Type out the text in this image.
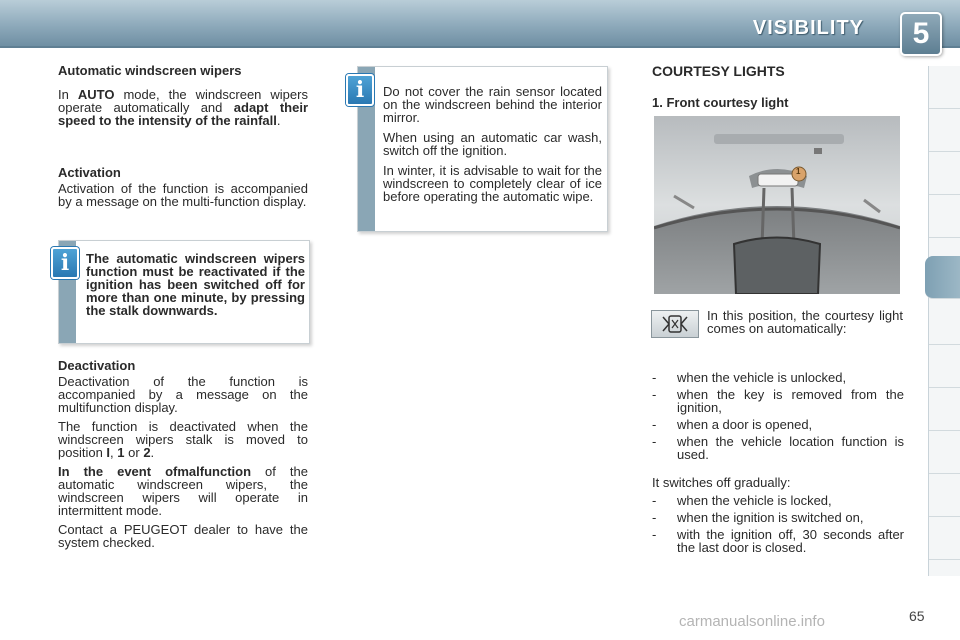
VISIBILITY	5
Automatic windscreen wipers

In AUTO mode, the windscreen wipers operate automatically and adapt their speed to the intensity of the rainfall.

Activation

Activation of the function is accompanied by a message on the multi-function display.

The automatic windscreen wipers function must be reactivated if the ignition has been switched off for more than one minute, by pressing the stalk downwards.
i

Deactivation

Deactivation of the function is accompanied by a message on the multifunction display.

The function is deactivated when the windscreen wipers stalk is moved to position I, 1 or 2.

In the event ofmalfunction of the automatic windscreen wipers, the windscreen wipers will operate in intermittent mode.

Contact a PEUGEOT dealer to have the system checked.

Do not cover the rain sensor located on the windscreen behind the interior mirror.

When using an automatic car wash, switch off the ignition.

In winter, it is advisable to wait for the windscreen to completely clear of ice before operating the automatic wipe.

i
COURTESY LIGHTS
1. Front courtesy light
1
In this position, the courtesy light comes on automatically:
- when the vehicle is unlocked,
- when the key is removed from the ignition,
- when a door is opened,
- when the vehicle location function is used.

It switches off gradually:

- when the vehicle is locked,
- when the ignition is switched on,
- with the ignition off, 30 seconds after the last door is closed.
carmanualsonline.info	65
